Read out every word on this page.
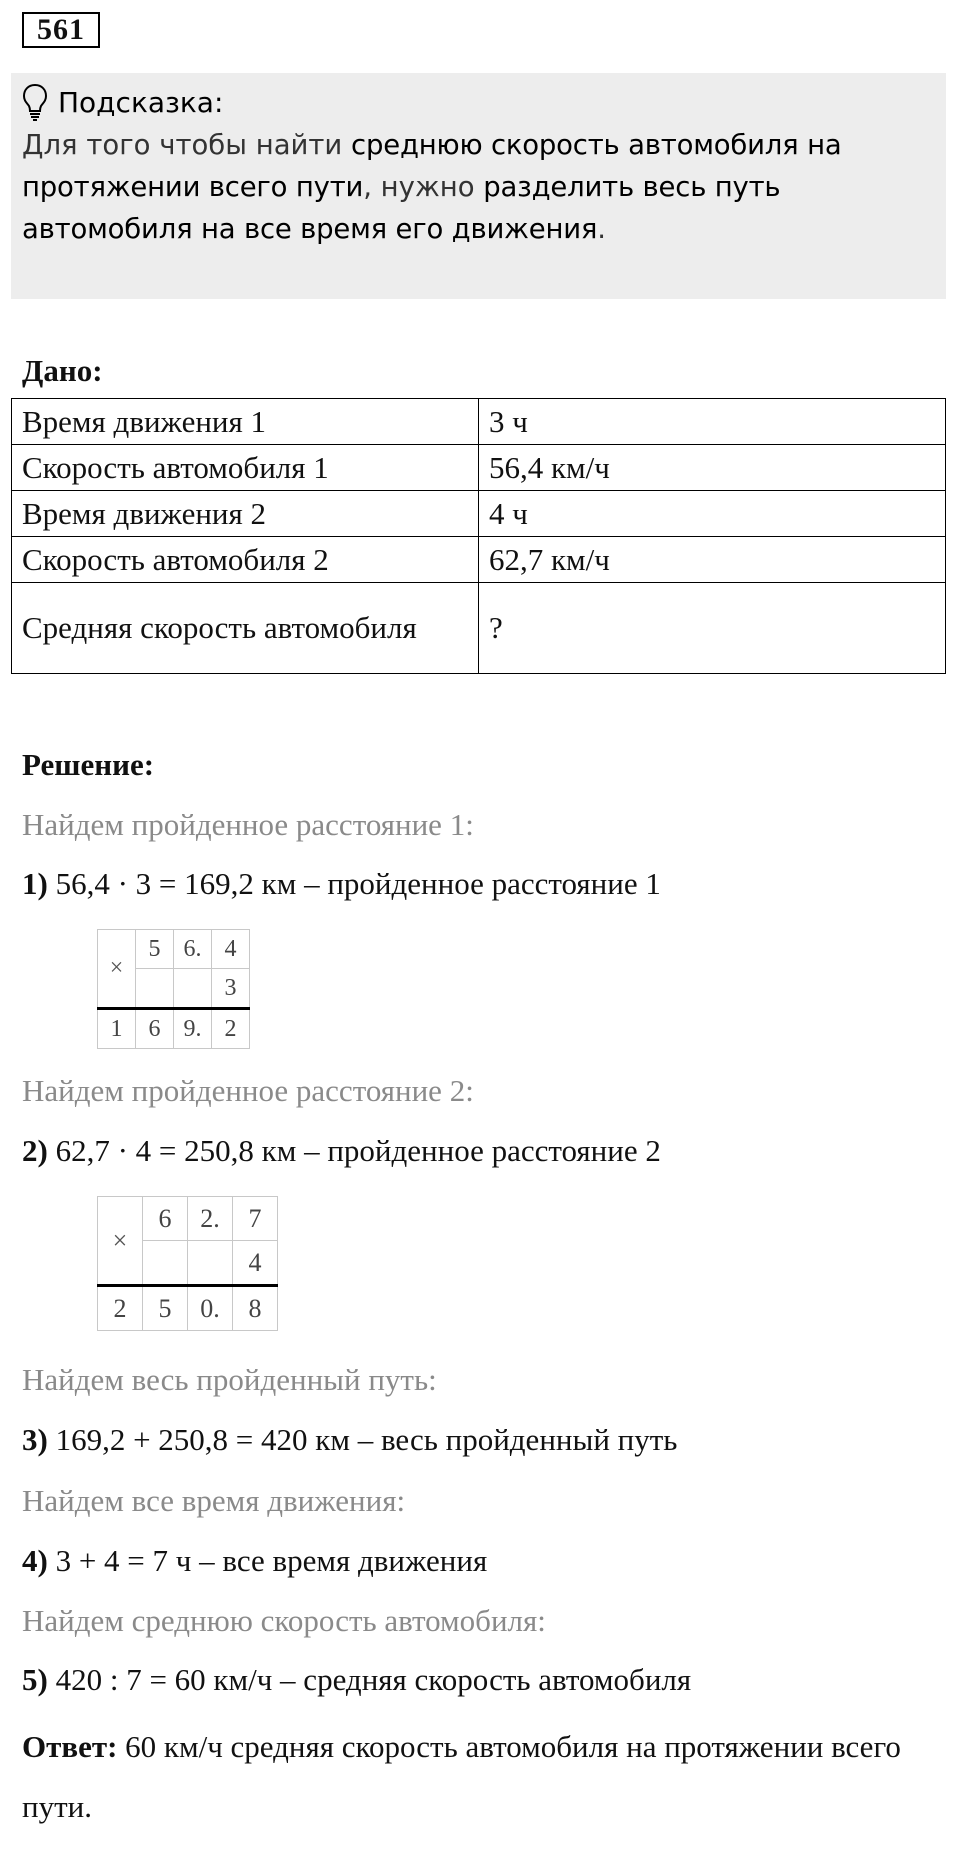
561
Подсказка:
Для того чтобы найти среднюю скорость автомобиля на протяжении всего пути, нужно разделить весь путь автомобиля на все время его движения.
Дано:
Время движения 1	3 ч
Скорость автомобиля 1	56,4 км/ч
Время движения 2	4 ч
Скорость автомобиля 2	62,7 км/ч
Средняя скорость автомобиля	?
Решение:
Найдем пройденное расстояние 1:
1) 56,4 · 3 = 169,2 км – пройденное расстояние 1
×	5	6.	4
			3
1	6	9.	2
Найдем пройденное расстояние 2:
2) 62,7 · 4 = 250,8 км – пройденное расстояние 2
×	6	2.	7
			4
2	5	0.	8
Найдем весь пройденный путь:
3) 169,2 + 250,8 = 420 км – весь пройденный путь
Найдем все время движения:
4) 3 + 4 = 7 ч – все время движения
Найдем среднюю скорость автомобиля:
5) 420 : 7 = 60 км/ч – средняя скорость автомобиля
Ответ: 60 км/ч средняя скорость автомобиля на протяжении всего пути.
